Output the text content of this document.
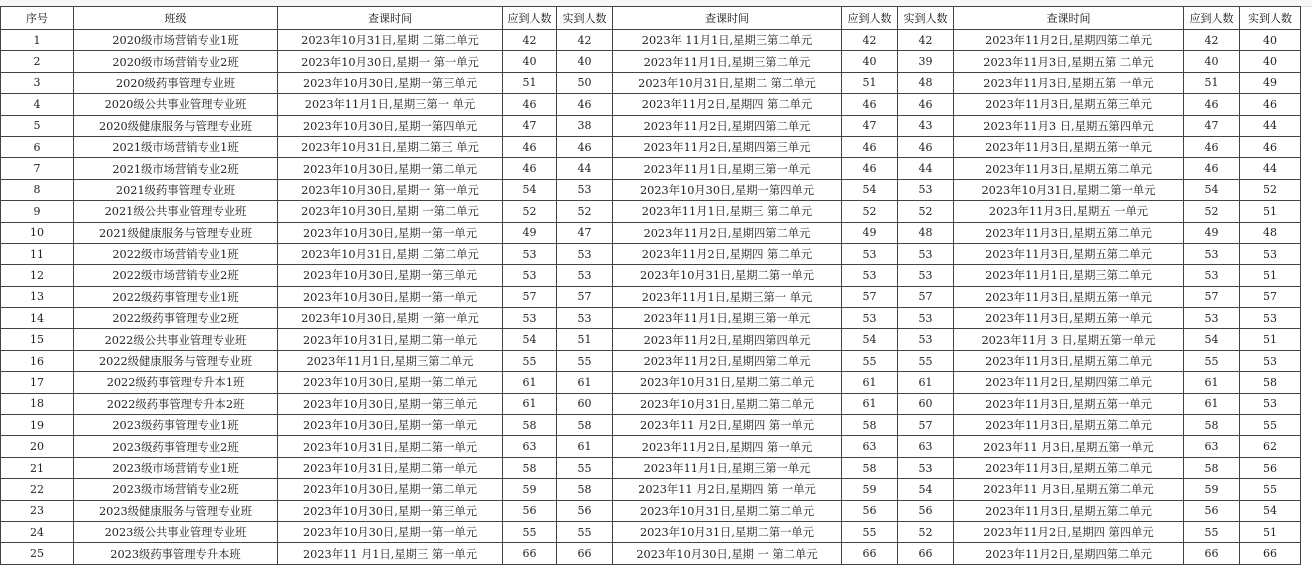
序号	班级	查课时间	应到人数	实到人数	查课时间	应到人数	实到人数	查课时间	应到人数	实到人数
1	2020级市场营销专业1班	2023年10月31日,星期 二第二单元	42	42	2023年 11月1日,星期三第二单元	42	42	2023年11月2日,星期四第二单元	42	40
2	2020级市场营销专业2班	2023年10月30日,星期一 第一单元	40	40	2023年11月1日,星期三第二单元	40	39	2023年11月3日,星期五第 二单元	40	40
3	2020级药事管理专业班	2023年10月30日,星期一第三单元	51	50	2023年10月31日,星期二 第二单元	51	48	2023年11月3日,星期五第 一单元	51	49
4	2020级公共事业管理专业班	2023年11月1日,星期三第一 单元	46	46	2023年11月2日,星期四 第二单元	46	46	2023年11月3日,星期五第三单元	46	46
5	2020级健康服务与管理专业班	2023年10月30日,星期一第四单元	47	38	2023年11月2日,星期四第二单元	47	43	2023年11月3 日,星期五第四单元	47	44
6	2021级市场营销专业1班	2023年10月31日,星期二第三 单元	46	46	2023年11月2日,星期四第三单元	46	46	2023年11月3日,星期五第一单元	46	46
7	2021级市场营销专业2班	2023年10月30日,星期一第二单元	46	44	2023年11月1日,星期三第一单元	46	44	2023年11月3日,星期五第二单元	46	44
8	2021级药事管理专业班	2023年10月30日,星期一 第一单元	54	53	2023年10月30日,星期一第四单元	54	53	2023年10月31日,星期二第一单元	54	52
9	2021级公共事业管理专业班	2023年10月30日,星期 一第二单元	52	52	2023年11月1日,星期三 第二单元	52	52	2023年11月3日,星期五 一单元	52	51
10	2021级健康服务与管理专业班	2023年10月30日,星期一第一单元	49	47	2023年11月2日,星期四第二单元	49	48	2023年11月3日,星期五第二单元	49	48
11	2022级市场营销专业1班	2023年10月31日,星期 二第二单元	53	53	2023年11月2日,星期四 第二单元	53	53	2023年11月3日,星期五第二单元	53	53
12	2022级市场营销专业2班	2023年10月30日,星期一第三单元	53	53	2023年10月31日,星期二第一单元	53	53	2023年11月1日,星期三第二单元	53	51
13	2022级药事管理专业1班	2023年10月30日,星期一第一单元	57	57	2023年11月1日,星期三第一 单元	57	57	2023年11月3日,星期五第一单元	57	57
14	2022级药事管理专业2班	2023年10月30日,星期 一第一单元	53	53	2023年11月1日,星期三第一单元	53	53	2023年11月3日,星期五第一单元	53	53
15	2022级公共事业管理专业班	2023年10月31日,星期二第一单元	54	51	2023年11月2日,星期四第四单元	54	53	2023年11月 3 日,星期五第一单元	54	51
16	2022级健康服务与管理专业班	2023年11月1日,星期三第二单元	55	55	2023年11月2日,星期四第二单元	55	55	2023年11月3日,星期五第二单元	55	53
17	2022级药事管理专升本1班	2023年10月30日,星期一第二单元	61	61	2023年10月31日,星期二第二单元	61	61	2023年11月2日,星期四第二单元	61	58
18	2022级药事管理专升本2班	2023年10月30日,星期一第三单元	61	60	2023年10月31日,星期二第二单元	61	60	2023年11月3日,星期五第一单元	61	53
19	2023级药事管理专业1班	2023年10月30日,星期一第一单元	58	58	2023年11 月2日,星期四 第一单元	58	57	2023年11月3日,星期五第二单元	58	55
20	2023级药事管理专业2班	2023年10月31日,星期二第一单元	63	61	2023年11月2日,星期四 第一单元	63	63	2023年11 月3日,星期五第一单元	63	62
21	2023级市场营销专业1班	2023年10月31日,星期二第一单元	58	55	2023年11月1日,星期三第一单元	58	53	2023年11月3日,星期五第二单元	58	56
22	2023级市场营销专业2班	2023年10月30日,星期一第二单元	59	58	2023年11 月2日,星期四 第 一单元	59	54	2023年11 月3日,星期五第二单元	59	55
23	2023级健康服务与管理专业班	2023年10月30日,星期一第三单元	56	56	2023年10月31日,星期二第二单元	56	56	2023年11月3日,星期五第二单元	56	54
24	2023级公共事业管理专业班	2023年10月30日,星期一第一单元	55	55	2023年10月31日,星期二第一单元	55	52	2023年11月2日,星期四 第四单元	55	51
25	2023级药事管理专升本班	2023年11 月1日,星期三 第一单元	66	66	2023年10月30日,星期 一 第二单元	66	66	2023年11月2日,星期四第二单元	66	66
